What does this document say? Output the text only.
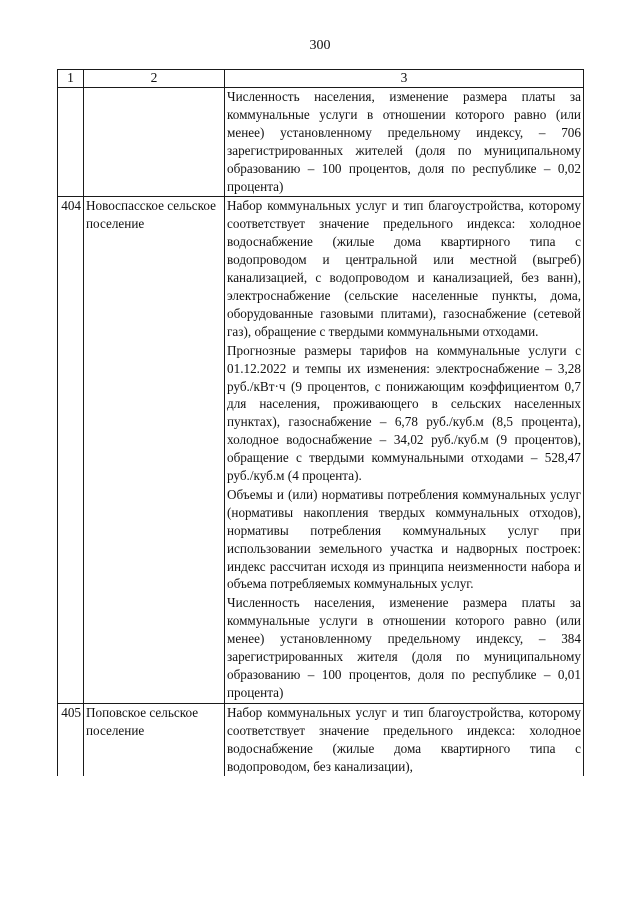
300
1	2	3

		Численность населения, изменение размера платы за коммунальные услуги в отношении которого равно (или менее) установленному предельному индексу, – 706 зарегистрированных жителей (доля по муниципальному образованию – 100 процентов, доля по республике – 0,02 процента)

404	Новоспасское сельское поселение	Набор коммунальных услуг и тип благоустройства, которому соответствует значение предельного индекса: холодное водоснабжение (жилые дома квартирного типа с водопроводом и центральной или местной (выгреб) канализацией, с водопроводом и канализацией, без ванн), электроснабжение (сельские населенные пункты, дома, оборудованные газовыми плитами), газоснабжение (сетевой газ), обращение с твердыми коммунальными отходами.
Прогнозные размеры тарифов на коммунальные услуги с 01.12.2022 и темпы их изменения: электроснабжение – 3,28 руб./кВт·ч (9 процентов, с понижающим коэффициентом 0,7 для населения, проживающего в сельских населенных пунктах), газоснабжение – 6,78 руб./куб.м (8,5 процента), холодное водоснабжение – 34,02 руб./куб.м (9 процентов), обращение с твердыми коммунальными отходами – 528,47 руб./куб.м (4 процента).
Объемы и (или) нормативы потребления коммунальных услуг (нормативы накопления твердых коммунальных отходов), нормативы потребления коммунальных услуг при использовании земельного участка и надворных построек: индекс рассчитан исходя из принципа неизменности набора и объема потребляемых коммунальных услуг.
Численность населения, изменение размера платы за коммунальные услуги в отношении которого равно (или менее) установленному предельному индексу, – 384 зарегистрированных жителя (доля по муниципальному образованию – 100 процентов, доля по республике – 0,01 процента)

405	Поповское сельское поселение	Набор коммунальных услуг и тип благоустройства, которому соответствует значение предельного индекса: холодное водоснабжение (жилые дома квартирного типа с водопроводом, без канализации),
